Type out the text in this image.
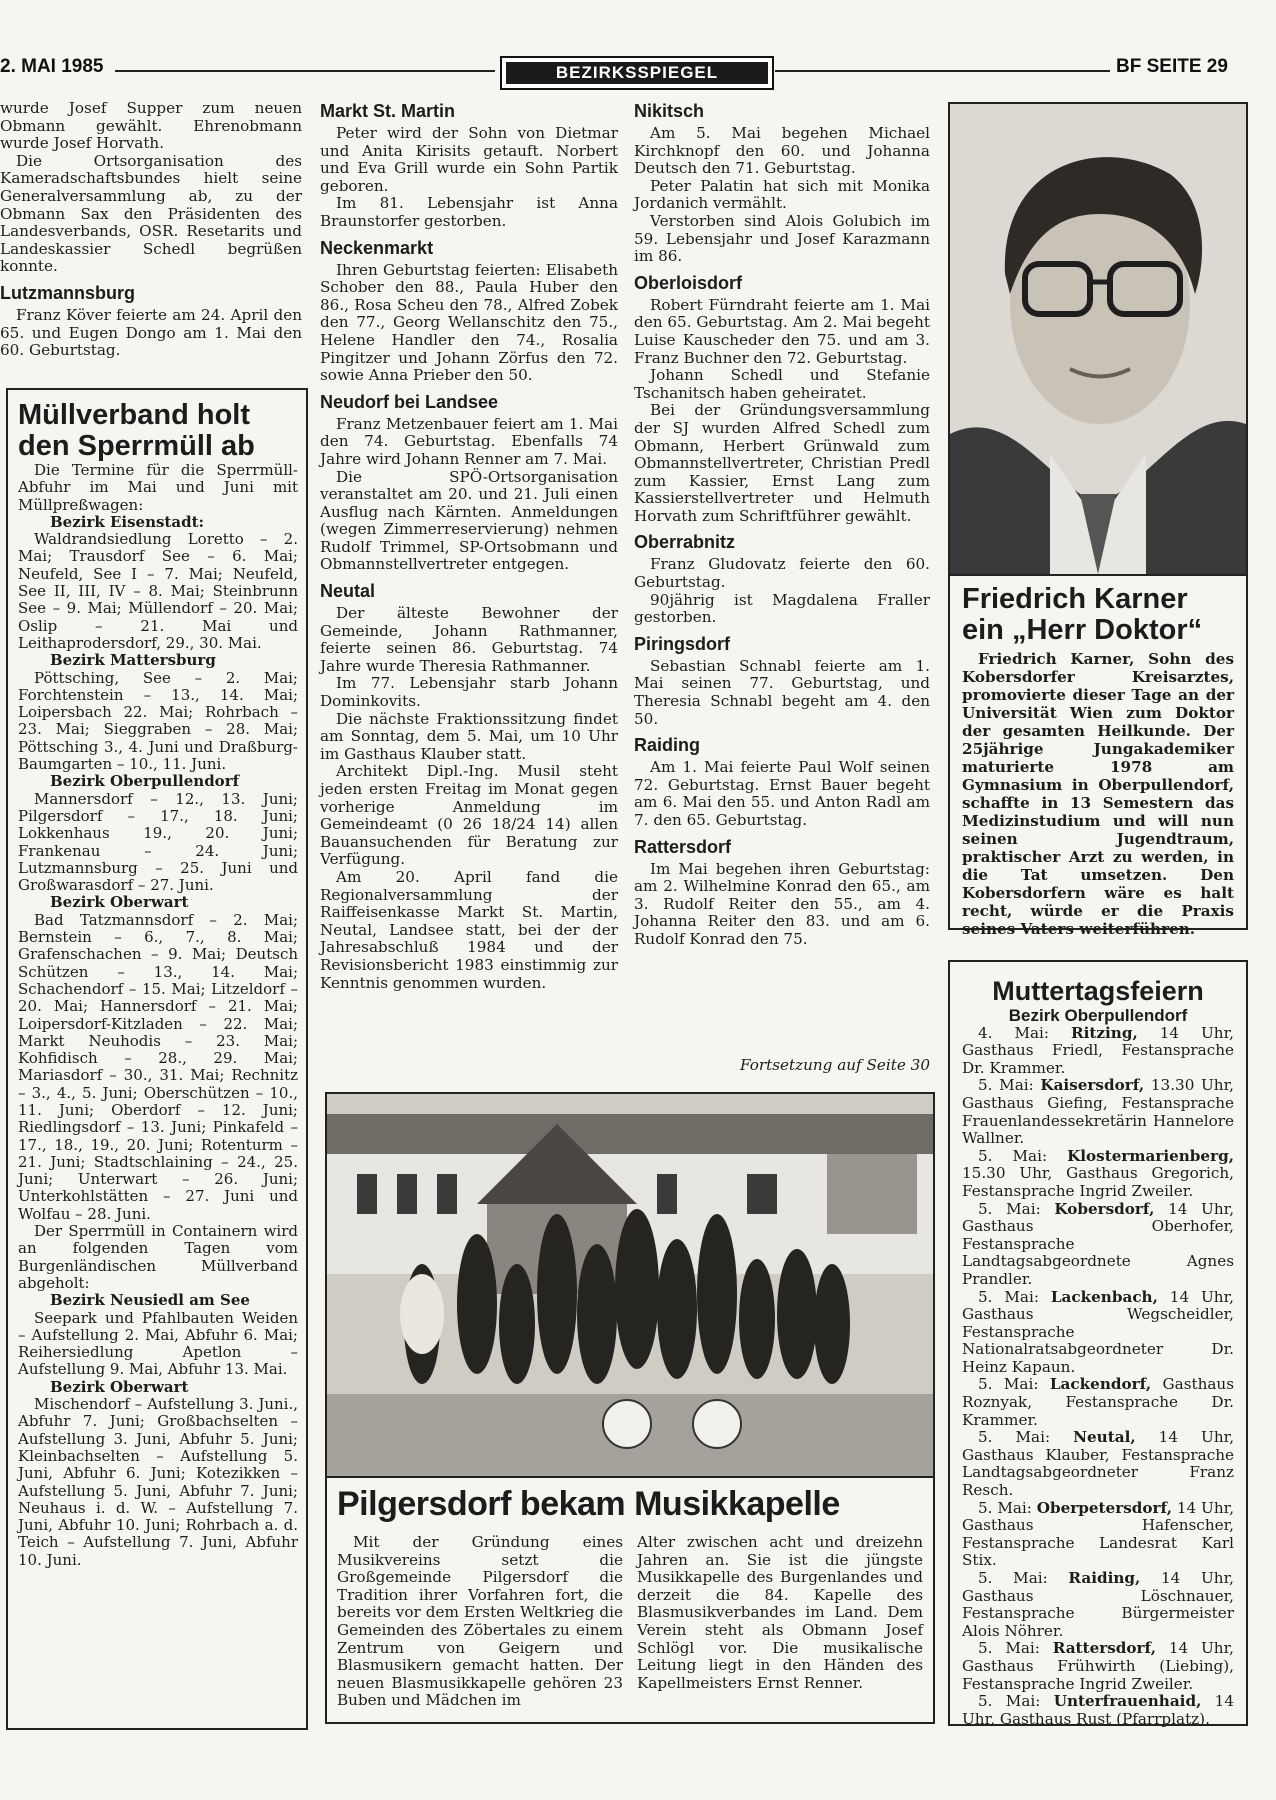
2. MAI 1985	BEZIRKSSPIEGEL	BF SEITE 29

wurde Josef Supper zum neuen Obmann gewählt. Ehrenobmann wurde Josef Horvath.

Die Ortsorganisation des Kameradschaftsbundes hielt seine Generalversammlung ab, zu der Obmann Sax den Präsidenten des Landesverbands, OSR. Resetarits und Landeskassier Schedl begrüßen konnte.

Lutzmannsburg

Franz Köver feierte am 24. April den 65. und Eugen Dongo am 1. Mai den 60. Geburtstag.

Müllverband holt den Sperrmüll ab

Die Termine für die Sperrmüll-Abfuhr im Mai und Juni mit Müllpreßwagen:

Bezirk Eisenstadt:

Waldrandsiedlung Loretto – 2. Mai; Trausdorf See – 6. Mai; Neufeld, See I – 7. Mai; Neufeld, See II, III, IV – 8. Mai; Steinbrunn See – 9. Mai; Müllendorf – 20. Mai; Oslip – 21. Mai und Leithaprodersdorf, 29., 30. Mai.

Bezirk Mattersburg

Pöttsching, See – 2. Mai; Forchtenstein – 13., 14. Mai; Loipersbach 22. Mai; Rohrbach – 23. Mai; Sieggraben – 28. Mai; Pöttsching 3., 4. Juni und Draßburg-Baumgarten – 10., 11. Juni.

Bezirk Oberpullendorf

Mannersdorf – 12., 13. Juni; Pilgersdorf – 17., 18. Juni; Lokkenhaus 19., 20. Juni; Frankenau – 24. Juni; Lutzmannsburg – 25. Juni und Großwarasdorf – 27. Juni.

Bezirk Oberwart

Bad Tatzmannsdorf – 2. Mai; Bernstein – 6., 7., 8. Mai; Grafenschachen – 9. Mai; Deutsch Schützen – 13., 14. Mai; Schachendorf – 15. Mai; Litzeldorf – 20. Mai; Hannersdorf – 21. Mai; Loipersdorf-Kitzladen – 22. Mai; Markt Neuhodis – 23. Mai; Kohfidisch – 28., 29. Mai; Mariasdorf – 30., 31. Mai; Rechnitz – 3., 4., 5. Juni; Oberschützen – 10., 11. Juni; Oberdorf – 12. Juni; Riedlingsdorf – 13. Juni; Pinkafeld – 17., 18., 19., 20. Juni; Rotenturm – 21. Juni; Stadtschlaining – 24., 25. Juni; Unterwart – 26. Juni; Unterkohlstätten – 27. Juni und Wolfau – 28. Juni.

Der Sperrmüll in Containern wird an folgenden Tagen vom Burgenländischen Müllverband abgeholt:

Bezirk Neusiedl am See

Seepark und Pfahlbauten Weiden – Aufstellung 2. Mai, Abfuhr 6. Mai; Reihersiedlung Apetlon – Aufstellung 9. Mai, Abfuhr 13. Mai.

Bezirk Oberwart

Mischendorf – Aufstellung 3. Juni., Abfuhr 7. Juni; Großbachselten – Aufstellung 3. Juni, Abfuhr 5. Juni; Kleinbachselten – Aufstellung 5. Juni, Abfuhr 6. Juni; Kotezikken – Aufstellung 5. Juni, Abfuhr 7. Juni; Neuhaus i. d. W. – Aufstellung 7. Juni, Abfuhr 10. Juni; Rohrbach a. d. Teich – Aufstellung 7. Juni, Abfuhr 10. Juni.

Markt St. Martin

Peter wird der Sohn von Dietmar und Anita Kirisits getauft. Norbert und Eva Grill wurde ein Sohn Partik geboren.

Im 81. Lebensjahr ist Anna Braunstorfer gestorben.

Neckenmarkt

Ihren Geburtstag feierten: Elisabeth Schober den 88., Paula Huber den 86., Rosa Scheu den 78., Alfred Zobek den 77., Georg Wellanschitz den 75., Helene Handler den 74., Rosalia Pingitzer und Johann Zörfus den 72. sowie Anna Prieber den 50.

Neudorf bei Landsee

Franz Metzenbauer feiert am 1. Mai den 74. Geburtstag. Ebenfalls 74 Jahre wird Johann Renner am 7. Mai.

Die SPÖ-Ortsorganisation veranstaltet am 20. und 21. Juli einen Ausflug nach Kärnten. Anmeldungen (wegen Zimmerreservierung) nehmen Rudolf Trimmel, SP-Ortsobmann und Obmannstellvertreter entgegen.

Neutal

Der älteste Bewohner der Gemeinde, Johann Rathmanner, feierte seinen 86. Geburtstag. 74 Jahre wurde Theresia Rathmanner.

Im 77. Lebensjahr starb Johann Dominkovits.

Die nächste Fraktionssitzung findet am Sonntag, dem 5. Mai, um 10 Uhr im Gasthaus Klauber statt.

Architekt Dipl.-Ing. Musil steht jeden ersten Freitag im Monat gegen vorherige Anmeldung im Gemeindeamt (0 26 18/24 14) allen Bauansuchenden für Beratung zur Verfügung.

Am 20. April fand die Regionalversammlung der Raiffeisenkasse Markt St. Martin, Neutal, Landsee statt, bei der der Jahresabschluß 1984 und der Revisionsbericht 1983 einstimmig zur Kenntnis genommen wurden.

Nikitsch

Am 5. Mai begehen Michael Kirchknopf den 60. und Johanna Deutsch den 71. Geburtstag.

Peter Palatin hat sich mit Monika Jordanich vermählt.

Verstorben sind Alois Golubich im 59. Lebensjahr und Josef Karazmann im 86.

Oberloisdorf

Robert Fürndraht feierte am 1. Mai den 65. Geburtstag. Am 2. Mai begeht Luise Kauscheder den 75. und am 3. Franz Buchner den 72. Geburtstag.

Johann Schedl und Stefanie Tschanitsch haben geheiratet.

Bei der Gründungsversammlung der SJ wurden Alfred Schedl zum Obmann, Herbert Grünwald zum Obmannstellvertreter, Christian Predl zum Kassier, Ernst Lang zum Kassierstellvertreter und Helmuth Horvath zum Schriftführer gewählt.

Oberrabnitz

Franz Gludovatz feierte den 60. Geburtstag.

90jährig ist Magdalena Fraller gestorben.

Piringsdorf

Sebastian Schnabl feierte am 1. Mai seinen 77. Geburtstag, und Theresia Schnabl begeht am 4. den 50.

Raiding

Am 1. Mai feierte Paul Wolf seinen 72. Geburtstag. Ernst Bauer begeht am 6. Mai den 55. und Anton Radl am 7. den 65. Geburtstag.

Rattersdorf

Im Mai begehen ihren Geburtstag: am 2. Wilhelmine Konrad den 65., am 3. Rudolf Reiter den 55., am 4. Johanna Reiter den 83. und am 6. Rudolf Konrad den 75.

Fortsetzung auf Seite 30
Friedrich Karner
ein „Herr Doktor“

Friedrich Karner, Sohn des Kobersdorfer Kreisarztes, promovierte dieser Tage an der Universität Wien zum Doktor der gesamten Heilkunde. Der 25jährige Jungakademiker maturierte 1978 am Gymnasium in Oberpullendorf, schaffte in 13 Semestern das Medizinstudium und will nun seinen Jugendtraum, praktischer Arzt zu werden, in die Tat umsetzen. Den Kobersdorfern wäre es halt recht, würde er die Praxis seines Vaters weiterführen.

Muttertagsfeiern
Bezirk Oberpullendorf

4. Mai: Ritzing, 14 Uhr, Gasthaus Friedl, Festansprache Dr. Krammer.

5. Mai: Kaisersdorf, 13.30 Uhr, Gasthaus Giefing, Festansprache Frauenlandessekretärin Hannelore Wallner.

5. Mai: Klostermarienberg, 15.30 Uhr, Gasthaus Gregorich, Festansprache Ingrid Zweiler.

5. Mai: Kobersdorf, 14 Uhr, Gasthaus Oberhofer, Festansprache Landtagsabgeordnete Agnes Prandler.

5. Mai: Lackenbach, 14 Uhr, Gasthaus Wegscheidler, Festansprache Nationalratsabgeordneter Dr. Heinz Kapaun.

5. Mai: Lackendorf, Gasthaus Roznyak, Festansprache Dr. Krammer.

5. Mai: Neutal, 14 Uhr, Gasthaus Klauber, Festansprache Landtagsabgeordneter Franz Resch.

5. Mai: Oberpetersdorf, 14 Uhr, Gasthaus Hafenscher, Festansprache Landesrat Karl Stix.

5. Mai: Raiding, 14 Uhr, Gasthaus Löschnauer, Festansprache Bürgermeister Alois Nöhrer.

5. Mai: Rattersdorf, 14 Uhr, Gasthaus Frühwirth (Liebing), Festansprache Ingrid Zweiler.

5. Mai: Unterfrauenhaid, 14 Uhr, Gasthaus Rust (Pfarrplatz).

Pilgersdorf bekam Musikkapelle
Mit der Gründung eines Musikvereins setzt die Großgemeinde Pilgersdorf die Tradition ihrer Vorfahren fort, die bereits vor dem Ersten Weltkrieg die Gemeinden des Zöbertales zu einem Zentrum von Geigern und Blasmusikern gemacht hatten. Der neuen Blasmusikkapelle gehören 23 Buben und Mädchen im
Alter zwischen acht und dreizehn Jahren an. Sie ist die jüngste Musikkapelle des Burgenlandes und derzeit die 84. Kapelle des Blasmusikverbandes im Land. Dem Verein steht als Obmann Josef Schlögl vor. Die musikalische Leitung liegt in den Händen des Kapellmeisters Ernst Renner.
